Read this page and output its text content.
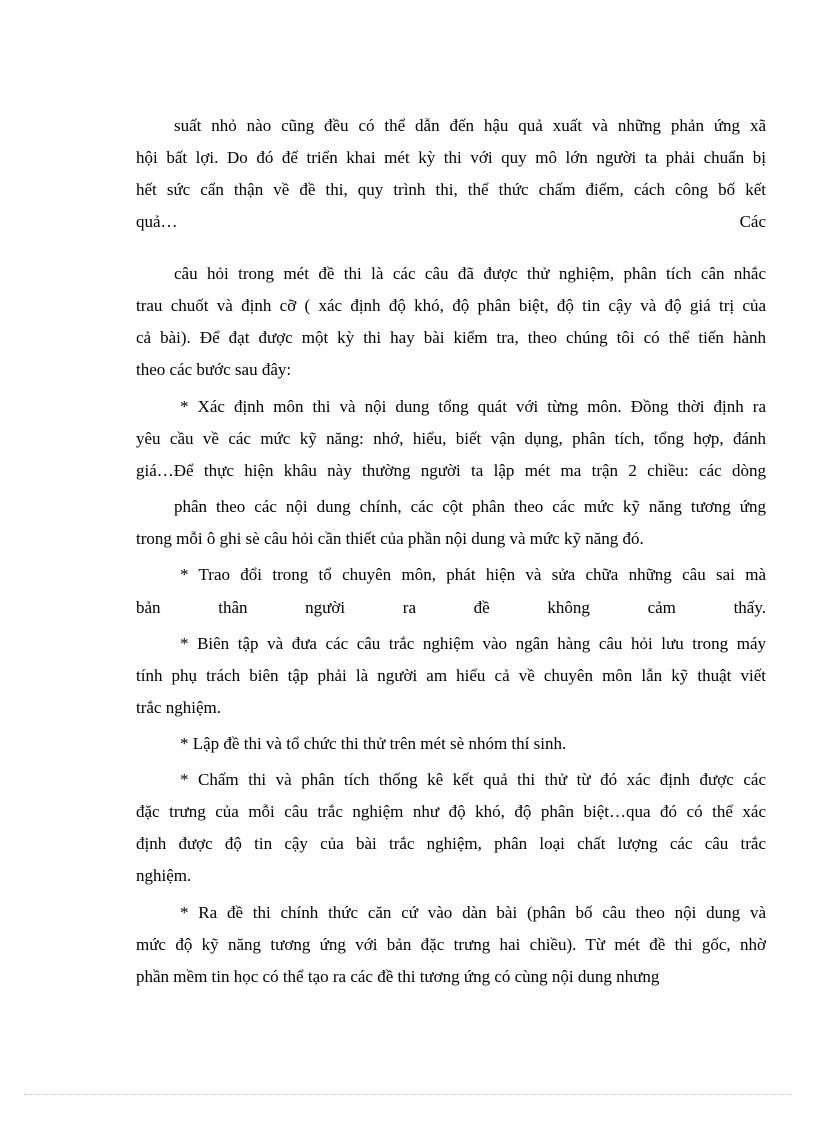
suất nhỏ nào cũng đều có thể dẫn đến hậu quả xuất và những phản ứng xã
hội bất lợi. Do đó để triển khai mét kỳ thi với quy mô lớn người ta phải chuẩn bị
hết sức cẩn thận về đề thi, quy trình thi, thể thức chấm điểm, cách công bố kết
quả…	Các
câu hỏi trong mét đề thi là các câu đã được thử nghiệm, phân tích cân nhắc
trau chuốt và định cỡ ( xác định độ khó, độ phân biệt, độ tin cậy và độ giá trị của
cả bài). Để đạt được một kỳ thi hay bài kiểm tra, theo chúng tôi có thể tiến hành
theo các bước sau đây:
* Xác định môn thi và nội dung tổng quát với từng môn. Đồng thời định ra
yêu cầu về các mức kỹ năng: nhớ, hiểu, biết vận dụng, phân tích, tổng hợp, đánh
giá…Để thực hiện khâu này thường người ta lập mét ma trận 2 chiều: các dòng
phân theo các nội dung chính, các cột phân theo các mức kỹ năng tương ứng
trong mỗi ô ghi sè câu hỏi cần thiết của phần nội dung và mức kỹ năng đó.
* Trao đổi trong tổ chuyên môn, phát hiện và sửa chữa những câu sai mà
bản thân người ra đề không cảm thấy.
* Biên tập và đưa các câu trắc nghiệm vào ngân hàng câu hỏi lưu trong máy
tính phụ trách biên tập phải là người am hiểu cả về chuyên môn lẫn kỹ thuật viết
trắc nghiệm.
* Lập đề thi và tổ chức thi thử trên mét sè nhóm thí sinh.
* Chấm thi và phân tích thống kê kết quả thi thử từ đó xác định được các
đặc trưng của mỗi câu trắc nghiệm như độ khó, độ phân biệt…qua đó có thể xác
định được độ tin cậy của bài trắc nghiệm, phân loại chất lượng các câu trắc
nghiệm.
* Ra đề thi chính thức căn cứ vào dàn bài (phân bố câu theo nội dung và
mức độ kỹ năng tương ứng với bản đặc trưng hai chiều). Từ mét đề thi gốc, nhờ
phần mềm tin học có thể tạo ra các đề thi tương ứng có cùng nội dung nhưng
